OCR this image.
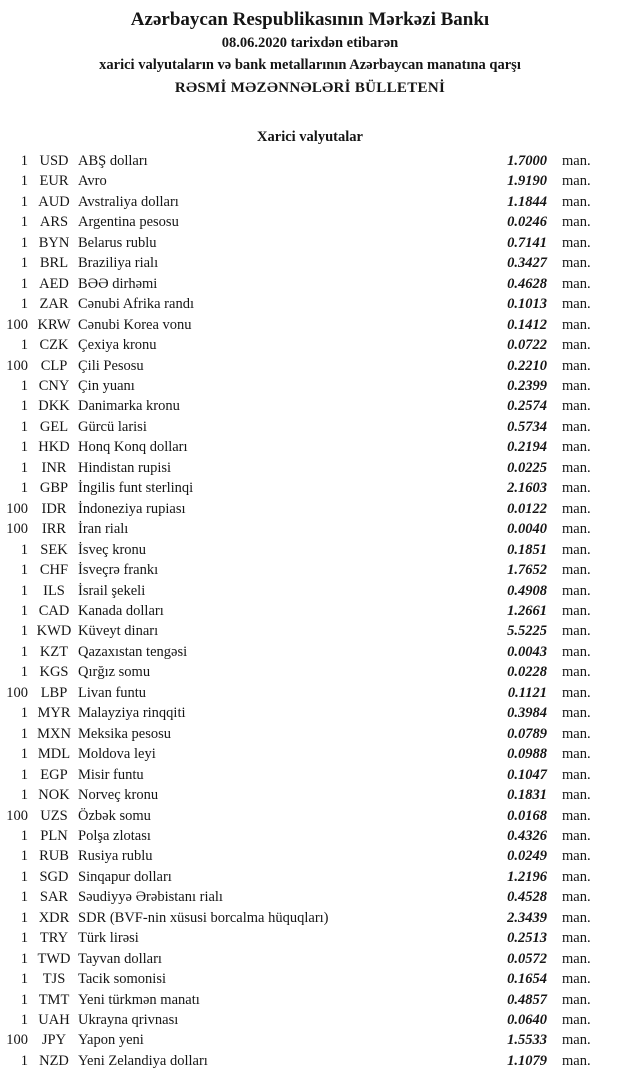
Azərbaycan Respublikasının Mərkəzi Bankı
08.06.2020 tarixdən etibarən
xarici valyutaların və bank metallarının Azərbaycan manatına qarşı
RƏSMİ MƏZƏNNƏLƏRİ BÜLLETENİ
Xarici valyutalar
1 USD ABŞ dolları	1.7000 man.
1 EUR Avro	1.9190 man.
1 AUD Avstraliya dolları	1.1844 man.
1 ARS Argentina pesosu	0.0246 man.
1 BYN Belarus rublu	0.7141 man.
1 BRL Braziliya rialı	0.3427 man.
1 AED BƏƏ dirhəmi	0.4628 man.
1 ZAR Cənubi Afrika randı	0.1013 man.
100 KRW Cənubi Korea vonu	0.1412 man.
1 CZK Çexiya kronu	0.0722 man.
100 CLP Çili Pesosu	0.2210 man.
1 CNY Çin yuanı	0.2399 man.
1 DKK Danimarka kronu	0.2574 man.
1 GEL Gürcü larisi	0.5734 man.
1 HKD Honq Konq dolları	0.2194 man.
1 INR Hindistan rupisi	0.0225 man.
1 GBP İngilis funt sterlinqi	2.1603 man.
100 IDR İndoneziya rupiası	0.0122 man.
100 IRR İran rialı	0.0040 man.
1 SEK İsveç kronu	0.1851 man.
1 CHF İsveçrə frankı	1.7652 man.
1	ILS İsrail şekeli	0.4908 man.
1 CAD Kanada dolları	1.2661 man.
1 KWD Küveyt dinarı	5.5225 man.
1 KZT Qazaxıstan tengəsi	0.0043 man.
1 KGS Qırğız somu	0.0228 man.
100 LBP Livan funtu	0.1121 man.
1 MYR Malayziya rinqqiti	0.3984 man.
1 MXN Meksika pesosu	0.0789 man.
1 MDL Moldova leyi	0.0988 man.
1 EGP Misir funtu	0.1047 man.
1 NOK Norveç kronu	0.1831 man.
100 UZS Özbək somu	0.0168 man.
1 PLN Polşa zlotası	0.4326 man.
1 RUB Rusiya rublu	0.0249 man.
1 SGD Sinqapur dolları	1.2196 man.
1 SAR Səudiyyə Ərəbistanı rialı	0.4528 man.
1 XDR SDR (BVF-nin xüsusi borcalma hüquqları)	2.3439 man.
1 TRY Türk lirəsi	0.2513 man.
1 TWD Tayvan dolları	0.0572 man.
1	TJS Tacik somonisi	0.1654 man.
1 TMT Yeni türkmən manatı	0.4857 man.
1 UAH Ukrayna qrivnası	0.0640 man.
100 JPY Yapon yeni	1.5533 man.
1 NZD Yeni Zelandiya dolları	1.1079 man.
